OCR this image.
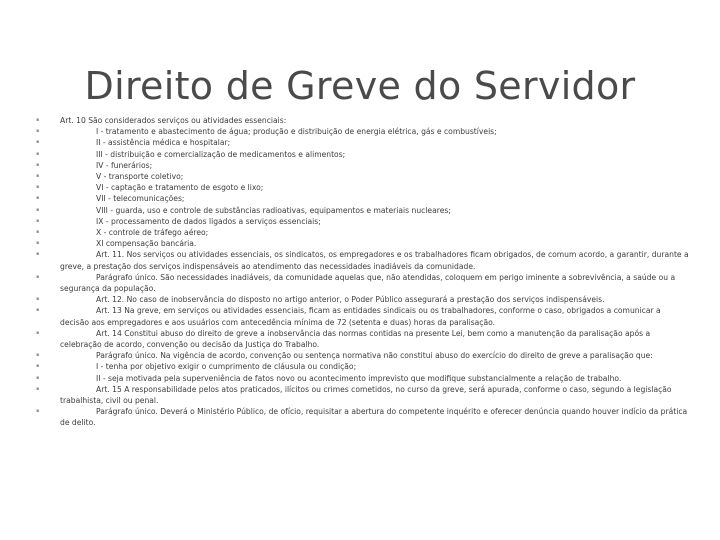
Direito de Greve do Servidor
▪	Art. 10 São considerados serviços ou atividades essenciais:
▪	I - tratamento e abastecimento de água; produção e distribuição de energia elétrica, gás e combustíveis;
▪	II - assistência médica e hospitalar;
▪	III - distribuição e comercialização de medicamentos e alimentos;
▪	IV - funerários;
▪	V - transporte coletivo;
▪	VI - captação e tratamento de esgoto e lixo;
▪	VII - telecomunicações;
▪	VIII - guarda, uso e controle de substâncias radioativas, equipamentos e materiais nucleares;
▪	IX - processamento de dados ligados a serviços essenciais;
▪	X - controle de tráfego aéreo;
▪	XI compensação bancária.
▪	Art. 11. Nos serviços ou atividades essenciais, os sindicatos, os empregadores e os trabalhadores ficam obrigados, de comum acordo, a garantir, durante a greve, a prestação dos serviços indispensáveis ao atendimento das necessidades inadiáveis da comunidade.
▪	Parágrafo único. São necessidades inadiáveis, da comunidade aquelas que, não atendidas, coloquem em perigo iminente a sobrevivência, a saúde ou a segurança da população.
▪	Art. 12. No caso de inobservância do disposto no artigo anterior, o Poder Público assegurará a prestação dos serviços indispensáveis.
▪	Art. 13 Na greve, em serviços ou atividades essenciais, ficam as entidades sindicais ou os trabalhadores, conforme o caso, obrigados a comunicar a decisão aos empregadores e aos usuários com antecedência mínima de 72 (setenta e duas) horas da paralisação.
▪	Art. 14 Constitui abuso do direito de greve a inobservância das normas contidas na presente Lei, bem como a manutenção da paralisação após a celebração de acordo, convenção ou decisão da Justiça do Trabalho.
▪	Parágrafo único. Na vigência de acordo, convenção ou sentença normativa não constitui abuso do exercício do direito de greve a paralisação que:
▪	I - tenha por objetivo exigir o cumprimento de cláusula ou condição;
▪	II - seja motivada pela superveniência de fatos novo ou acontecimento imprevisto que modifique substancialmente a relação de trabalho.
▪	Art. 15 A responsabilidade pelos atos praticados, ilícitos ou crimes cometidos, no curso da greve, será apurada, conforme o caso, segundo a legislação trabalhista, civil ou penal.
▪	Parágrafo único. Deverá o Ministério Público, de ofício, requisitar a abertura do competente inquérito e oferecer denúncia quando houver indício da prática de delito.
